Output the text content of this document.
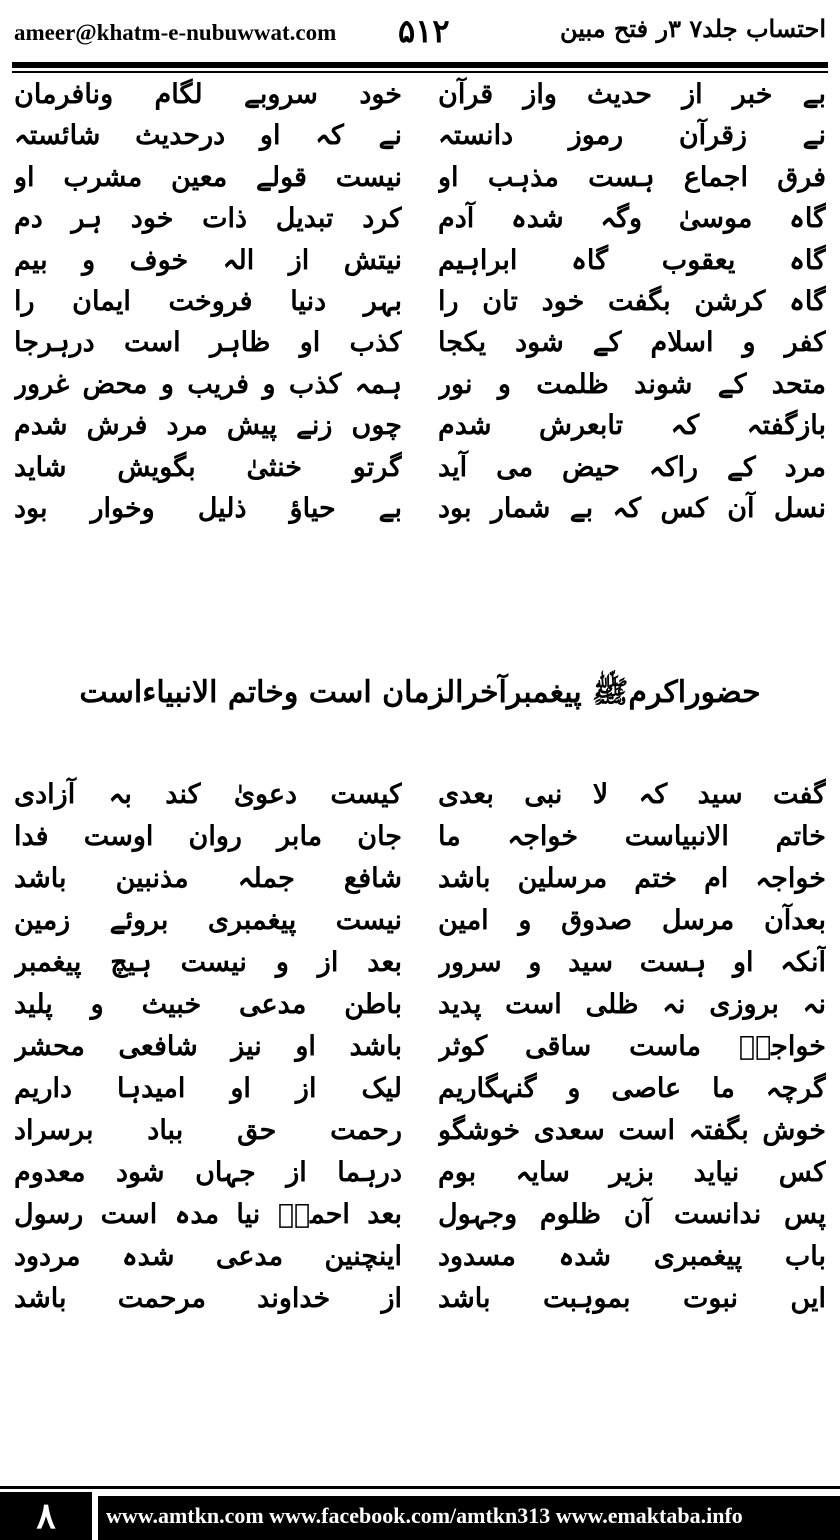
ameer@khatm-e-nubuwwat.com ۵۱۲	احتساب جلد۷ ۳ر فتح مبین
بے خبر از حدیث واز قرآن
خود سروبے لگام ونافرمان
نے زقرآن رموز دانستہ
نے کہ او درحدیث شائستہ
فرق اجماع ہست مذہب او
نیست قولے معین مشرب او
گاہ موسیٰ وگہ شدہ آدم
کرد تبدیل ذات خود ہر دم
گاہ یعقوب گاہ ابراہیم
نیتش از الہ خوف و بیم
گاہ کرشن بگفت خود تان را
بہر دنیا فروخت ایمان را
کفر و اسلام کے شود یکجا
کذب او ظاہر است درہرجا
متحد کے شوند ظلمت و نور
ہمہ کذب و فریب و محض غرور
بازگفتہ کہ تابعرش شدم
چوں زنے پیش مرد فرش شدم
مرد کے راکہ حیض می آید
گرتو خنثیٰ بگویش شاید
نسل آن کس کہ بے شمار بود
بے حیاؤ ذلیل وخوار بود
حضوراکرمﷺ پیغمبرآخرالزمان است وخاتم الانبیاءاست
گفت سید کہ لا نبی بعدی
کیست دعویٰ کند بہ آزادی
خاتم الانبیاست خواجہ ما
جان مابر روان اوست فدا
خواجہ ام ختم مرسلین باشد
شافع جملہ مذنبین باشد
بعدآن مرسل صدوق و امین
نیست پیغمبری بروئے زمین
آنکہ او ہست سید و سرور
بعد از و نیست ہیچ پیغمبر
نہ بروزی نہ ظلی است پدید
باطن مدعی خبیث و پلید
خواجہٗ ماست ساقی کوثر
باشد او نیز شافعی محشر
گرچہ ما عاصی و گنہگاریم
لیک از او امیدہا داریم
خوش بگفتہ است سعدی خوشگو
رحمت حق بباد برسراد
کس نیاید بزیر سایہ بوم
درہما از جہاں شود معدوم
پس ندانست آن ظلوم وجہول
بعد احمدؐ نیا مدہ است رسول
باب پیغمبری شدہ مسدود
اینچنین مدعی شدہ مردود
ایں نبوت بموہبت باشد
از خداوند مرحمت باشد
۸	www.amtkn.com www.facebook.com/amtkn313 www.emaktaba.info
